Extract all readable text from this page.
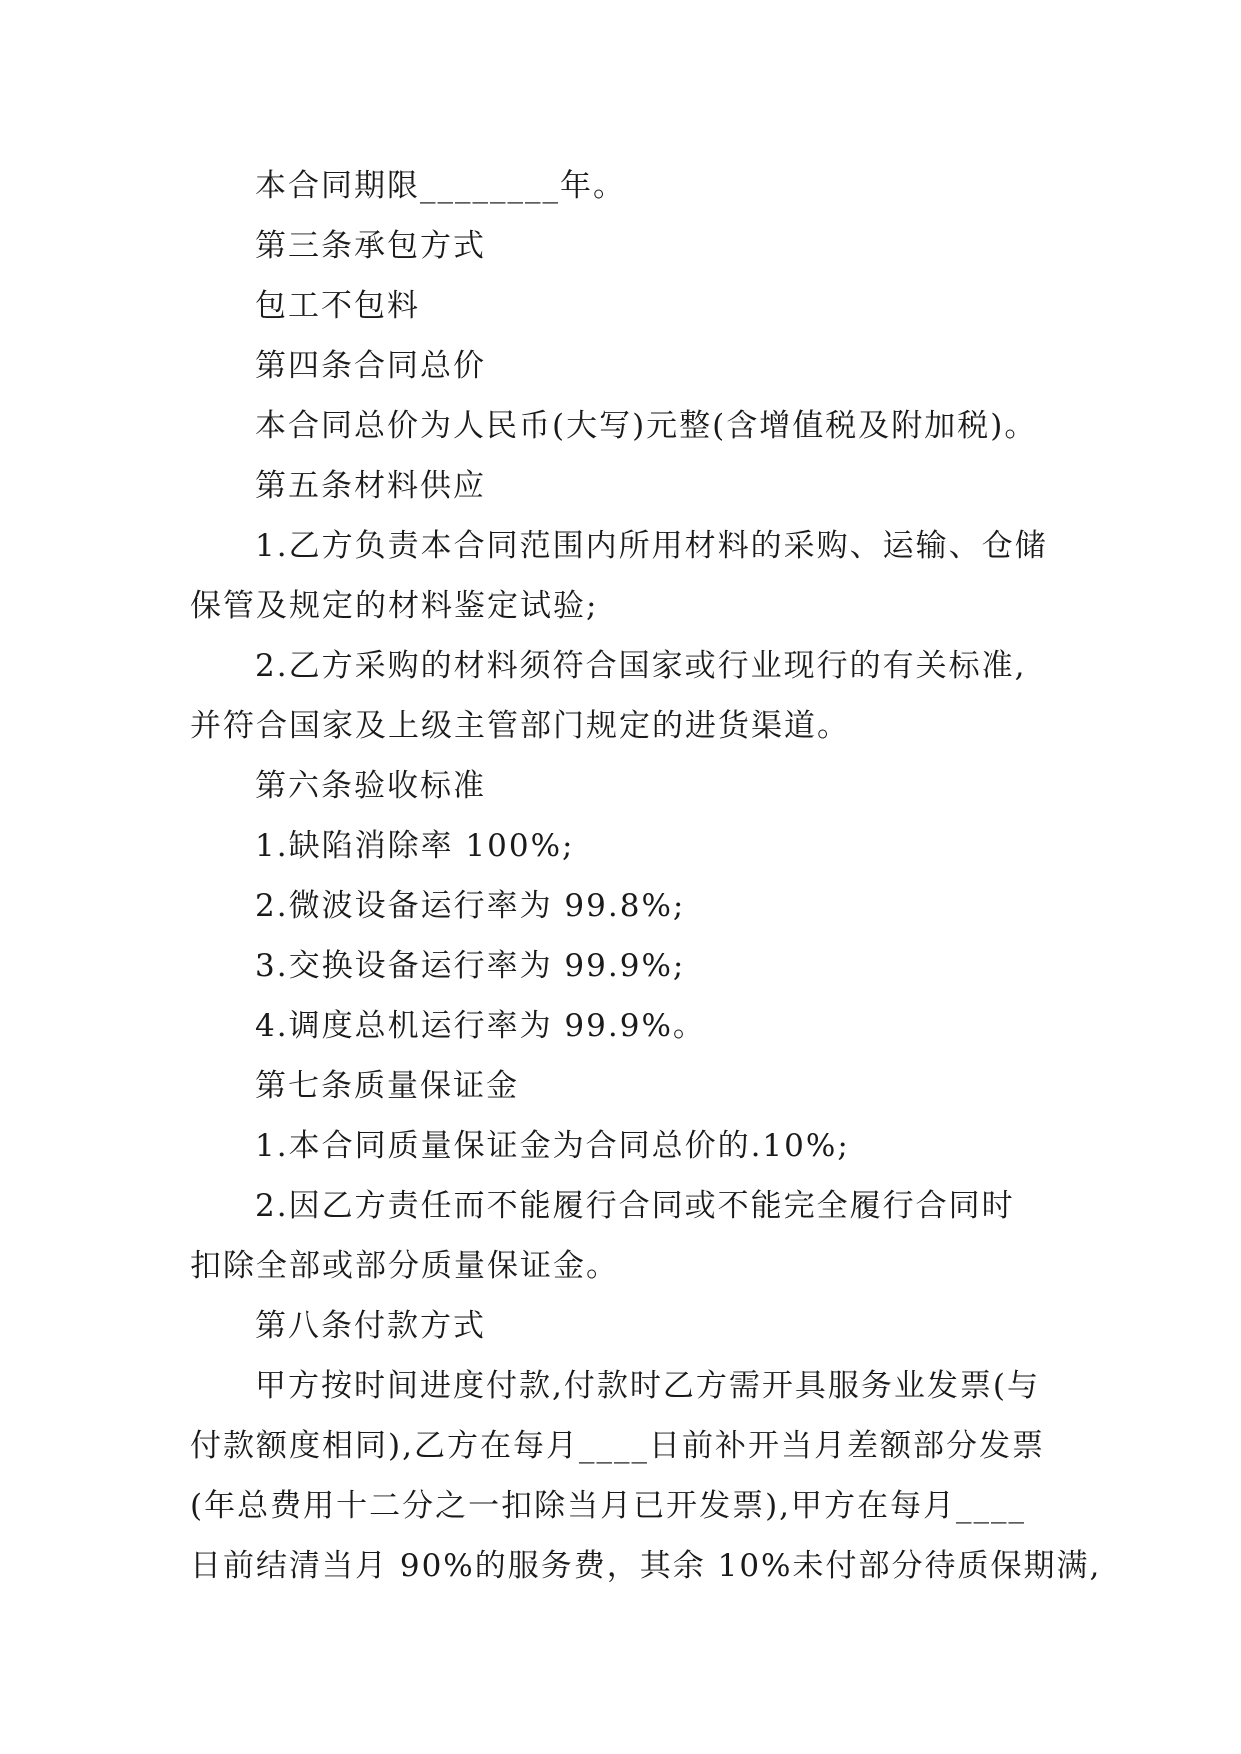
本合同期限________年。
第三条承包方式
包工不包料
第四条合同总价
本合同总价为人民币(大写)元整(含增值税及附加税)。
第五条材料供应
1.乙方负责本合同范围内所用材料的采购、运输、仓储
保管及规定的材料鉴定试验;
2.乙方采购的材料须符合国家或行业现行的有关标准,
并符合国家及上级主管部门规定的进货渠道。
第六条验收标准
1.缺陷消除率 100%;
2.微波设备运行率为 99.8%;
3.交换设备运行率为 99.9%;
4.调度总机运行率为 99.9%。
第七条质量保证金
1.本合同质量保证金为合同总价的.10%;
2.因乙方责任而不能履行合同或不能完全履行合同时
扣除全部或部分质量保证金。
第八条付款方式
甲方按时间进度付款,付款时乙方需开具服务业发票(与
付款额度相同),乙方在每月____日前补开当月差额部分发票
(年总费用十二分之一扣除当月已开发票),甲方在每月____
日前结清当月 90%的服务费，其余 10%未付部分待质保期满,
